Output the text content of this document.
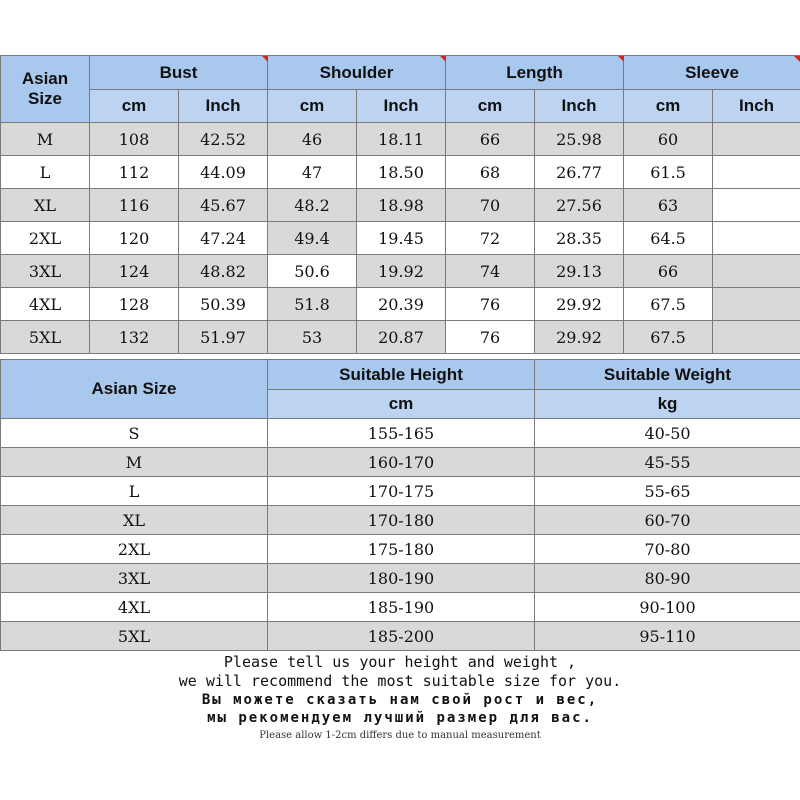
Asian
Size	Bust		Shoulder		Length		Sleeve	
	cm	Inch	cm	Inch	cm	Inch	cm	Inch
M	108	42.52	46	18.11	66	25.98	60	
L	112	44.09	47	18.50	68	26.77	61.5	
XL	116	45.67	48.2	18.98	70	27.56	63	
2XL	120	47.24	49.4	19.45	72	28.35	64.5	
3XL	124	48.82	50.6	19.92	74	29.13	66	
4XL	128	50.39	51.8	20.39	76	29.92	67.5	
5XL	132	51.97	53	20.87	76	29.92	67.5	
Asian Size	Suitable Height	Suitable Weight
	cm	kg
S	155-165	40-50
M	160-170	45-55
L	170-175	55-65
XL	170-180	60-70
2XL	175-180	70-80
3XL	180-190	80-90
4XL	185-190	90-100
5XL	185-200	95-110
Please tell us your height and weight ,
we will recommend the most suitable size for you.
Вы можете сказать нам свой рост и вес,
мы рекомендуем лучший размер для вас.
Please allow 1-2cm differs due to manual measurement
